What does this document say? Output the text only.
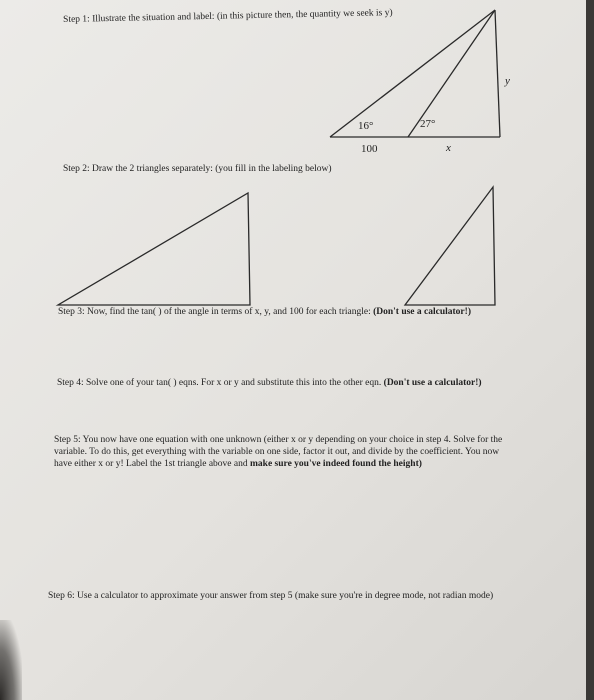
Step 1: Illustrate the situation and label: (in this picture then, the quantity we seek is y)
16°	27°
100	x
y
Step 2: Draw the 2 triangles separately: (you fill in the labeling below)
Step 3: Now, find the tan( ) of the angle in terms of x, y, and 100 for each triangle: (Don't use a calculator!)
Step 4: Solve one of your tan( ) eqns. For x or y and substitute this into the other eqn. (Don't use a calculator!)
Step 5: You now have one equation with one unknown (either x or y depending on your choice in step 4. Solve for the variable. To do this, get everything with the variable on one side, factor it out, and divide by the coefficient. You now have either x or y! Label the 1st triangle above and make sure you've indeed found the height)
Step 6: Use a calculator to approximate your answer from step 5 (make sure you're in degree mode, not radian mode)
